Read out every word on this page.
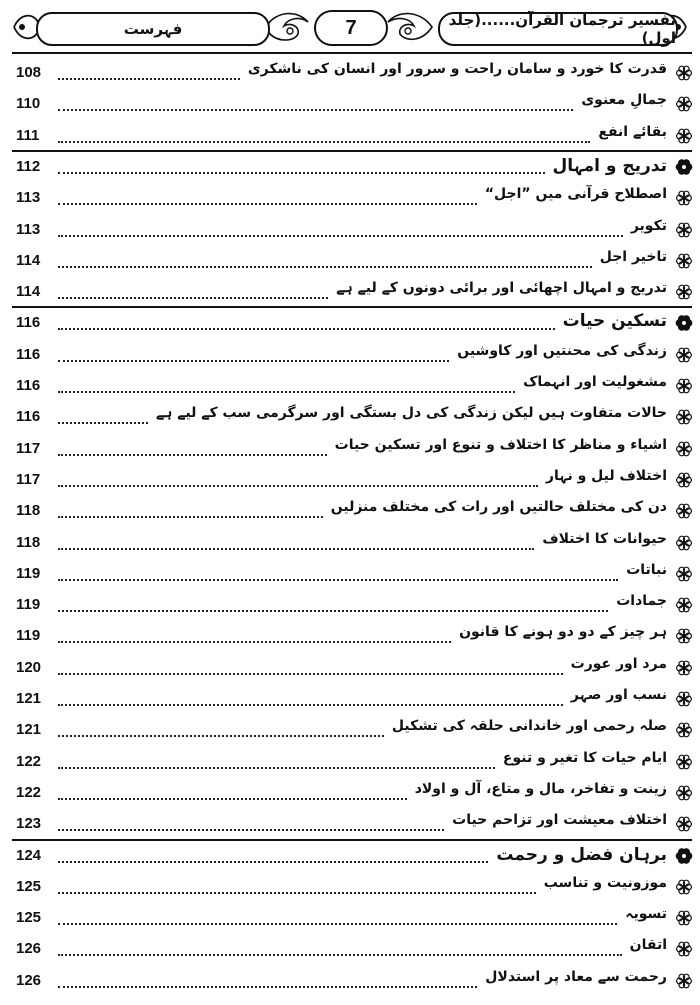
فہرست	7	تفسیر ترجمان القرآن......(جلد اول)
108	قدرت کا خورد و سامان راحت و سرور اور انسان کی ناشکری
110	جمالِ معنوی
111	بقائے انفع
112	تدریج و امہال
113	اصطلاح قرآنی میں ”اجل“
113	تکویر
114	تاخیر اجل
114	تدریج و امہال اچھائی اور برائی دونوں کے لیے ہے
116	تسکین حیات
116	زندگی کی محنتیں اور کاوشیں
116	مشغولیت اور انہماک
116	حالات متفاوت ہیں لیکن زندگی کی دل بستگی اور سرگرمی سب کے لیے ہے
117	اشیاء و مناظر کا اختلاف و تنوع اور تسکین حیات
117	اختلاف لیل و نہار
118	دن کی مختلف حالتیں اور رات کی مختلف منزلیں
118	حیوانات کا اختلاف
119	نباتات
119	جمادات
119	ہر چیز کے دو دو ہونے کا قانون
120	مرد اور عورت
121	نسب اور صہر
121	صلہ رحمی اور خاندانی حلقہ کی تشکیل
122	ایام حیات کا تغیر و تنوع
122	زینت و تفاخر، مال و متاع، آل و اولاد
123	اختلاف معیشت اور تزاحم حیات
124	برہان فضل و رحمت
125	موزونیت و تناسب
125	تسویہ
126	اتقان
126	رحمت سے معاد پر استدلال
